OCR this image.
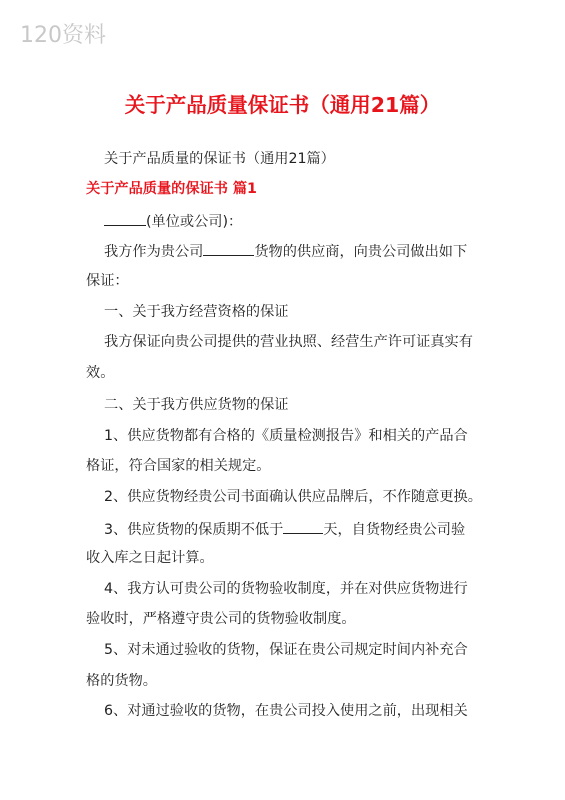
120资料
关于产品质量保证书（通用21篇）
关于产品质量的保证书（通用21篇）
关于产品质量的保证书 篇1
(单位或公司)：
我方作为贵公司	货物的供应商，向贵公司做出如下
保证：
一、关于我方经营资格的保证
我方保证向贵公司提供的营业执照、经营生产许可证真实有
效。
二、关于我方供应货物的保证
1、供应货物都有合格的《质量检测报告》和相关的产品合
格证，符合国家的相关规定。
2、供应货物经贵公司书面确认供应品牌后，不作随意更换。
3、供应货物的保质期不低于	天，自货物经贵公司验
收入库之日起计算。
4、我方认可贵公司的货物验收制度，并在对供应货物进行
验收时，严格遵守贵公司的货物验收制度。
5、对未通过验收的货物，保证在贵公司规定时间内补充合
格的货物。
6、对通过验收的货物，在贵公司投入使用之前，出现相关
